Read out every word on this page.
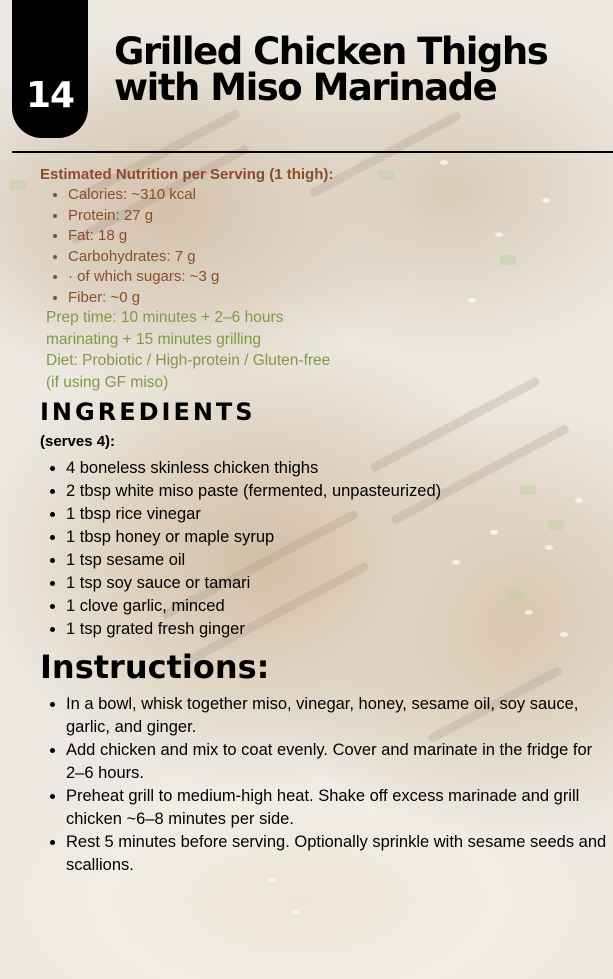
14
Grilled Chicken Thighs with Miso Marinade

Estimated Nutrition per Serving (1 thigh):

• Calories: ~310 kcal
• Protein: 27 g
• Fat: 18 g
• Carbohydrates: 7 g
• · of which sugars: ~3 g
• Fiber: ~0 g
Prep time: 10 minutes + 2–6 hours
marinating + 15 minutes grilling
Diet: Probiotic / High-protein / Gluten-free
(if using GF miso)
INGREDIENTS
(serves 4):
• 4 boneless skinless chicken thighs
• 2 tbsp white miso paste (fermented, unpasteurized)
• 1 tbsp rice vinegar
• 1 tbsp honey or maple syrup
• 1 tsp sesame oil
• 1 tsp soy sauce or tamari
• 1 clove garlic, minced
• 1 tsp grated fresh ginger
Instructions:
• In a bowl, whisk together miso, vinegar, honey, sesame oil, soy sauce, garlic, and ginger.
• Add chicken and mix to coat evenly. Cover and marinate in the fridge for 2–6 hours.
• Preheat grill to medium-high heat. Shake off excess marinade and grill chicken ~6–8 minutes per side.
• Rest 5 minutes before serving. Optionally sprinkle with sesame seeds and scallions.
